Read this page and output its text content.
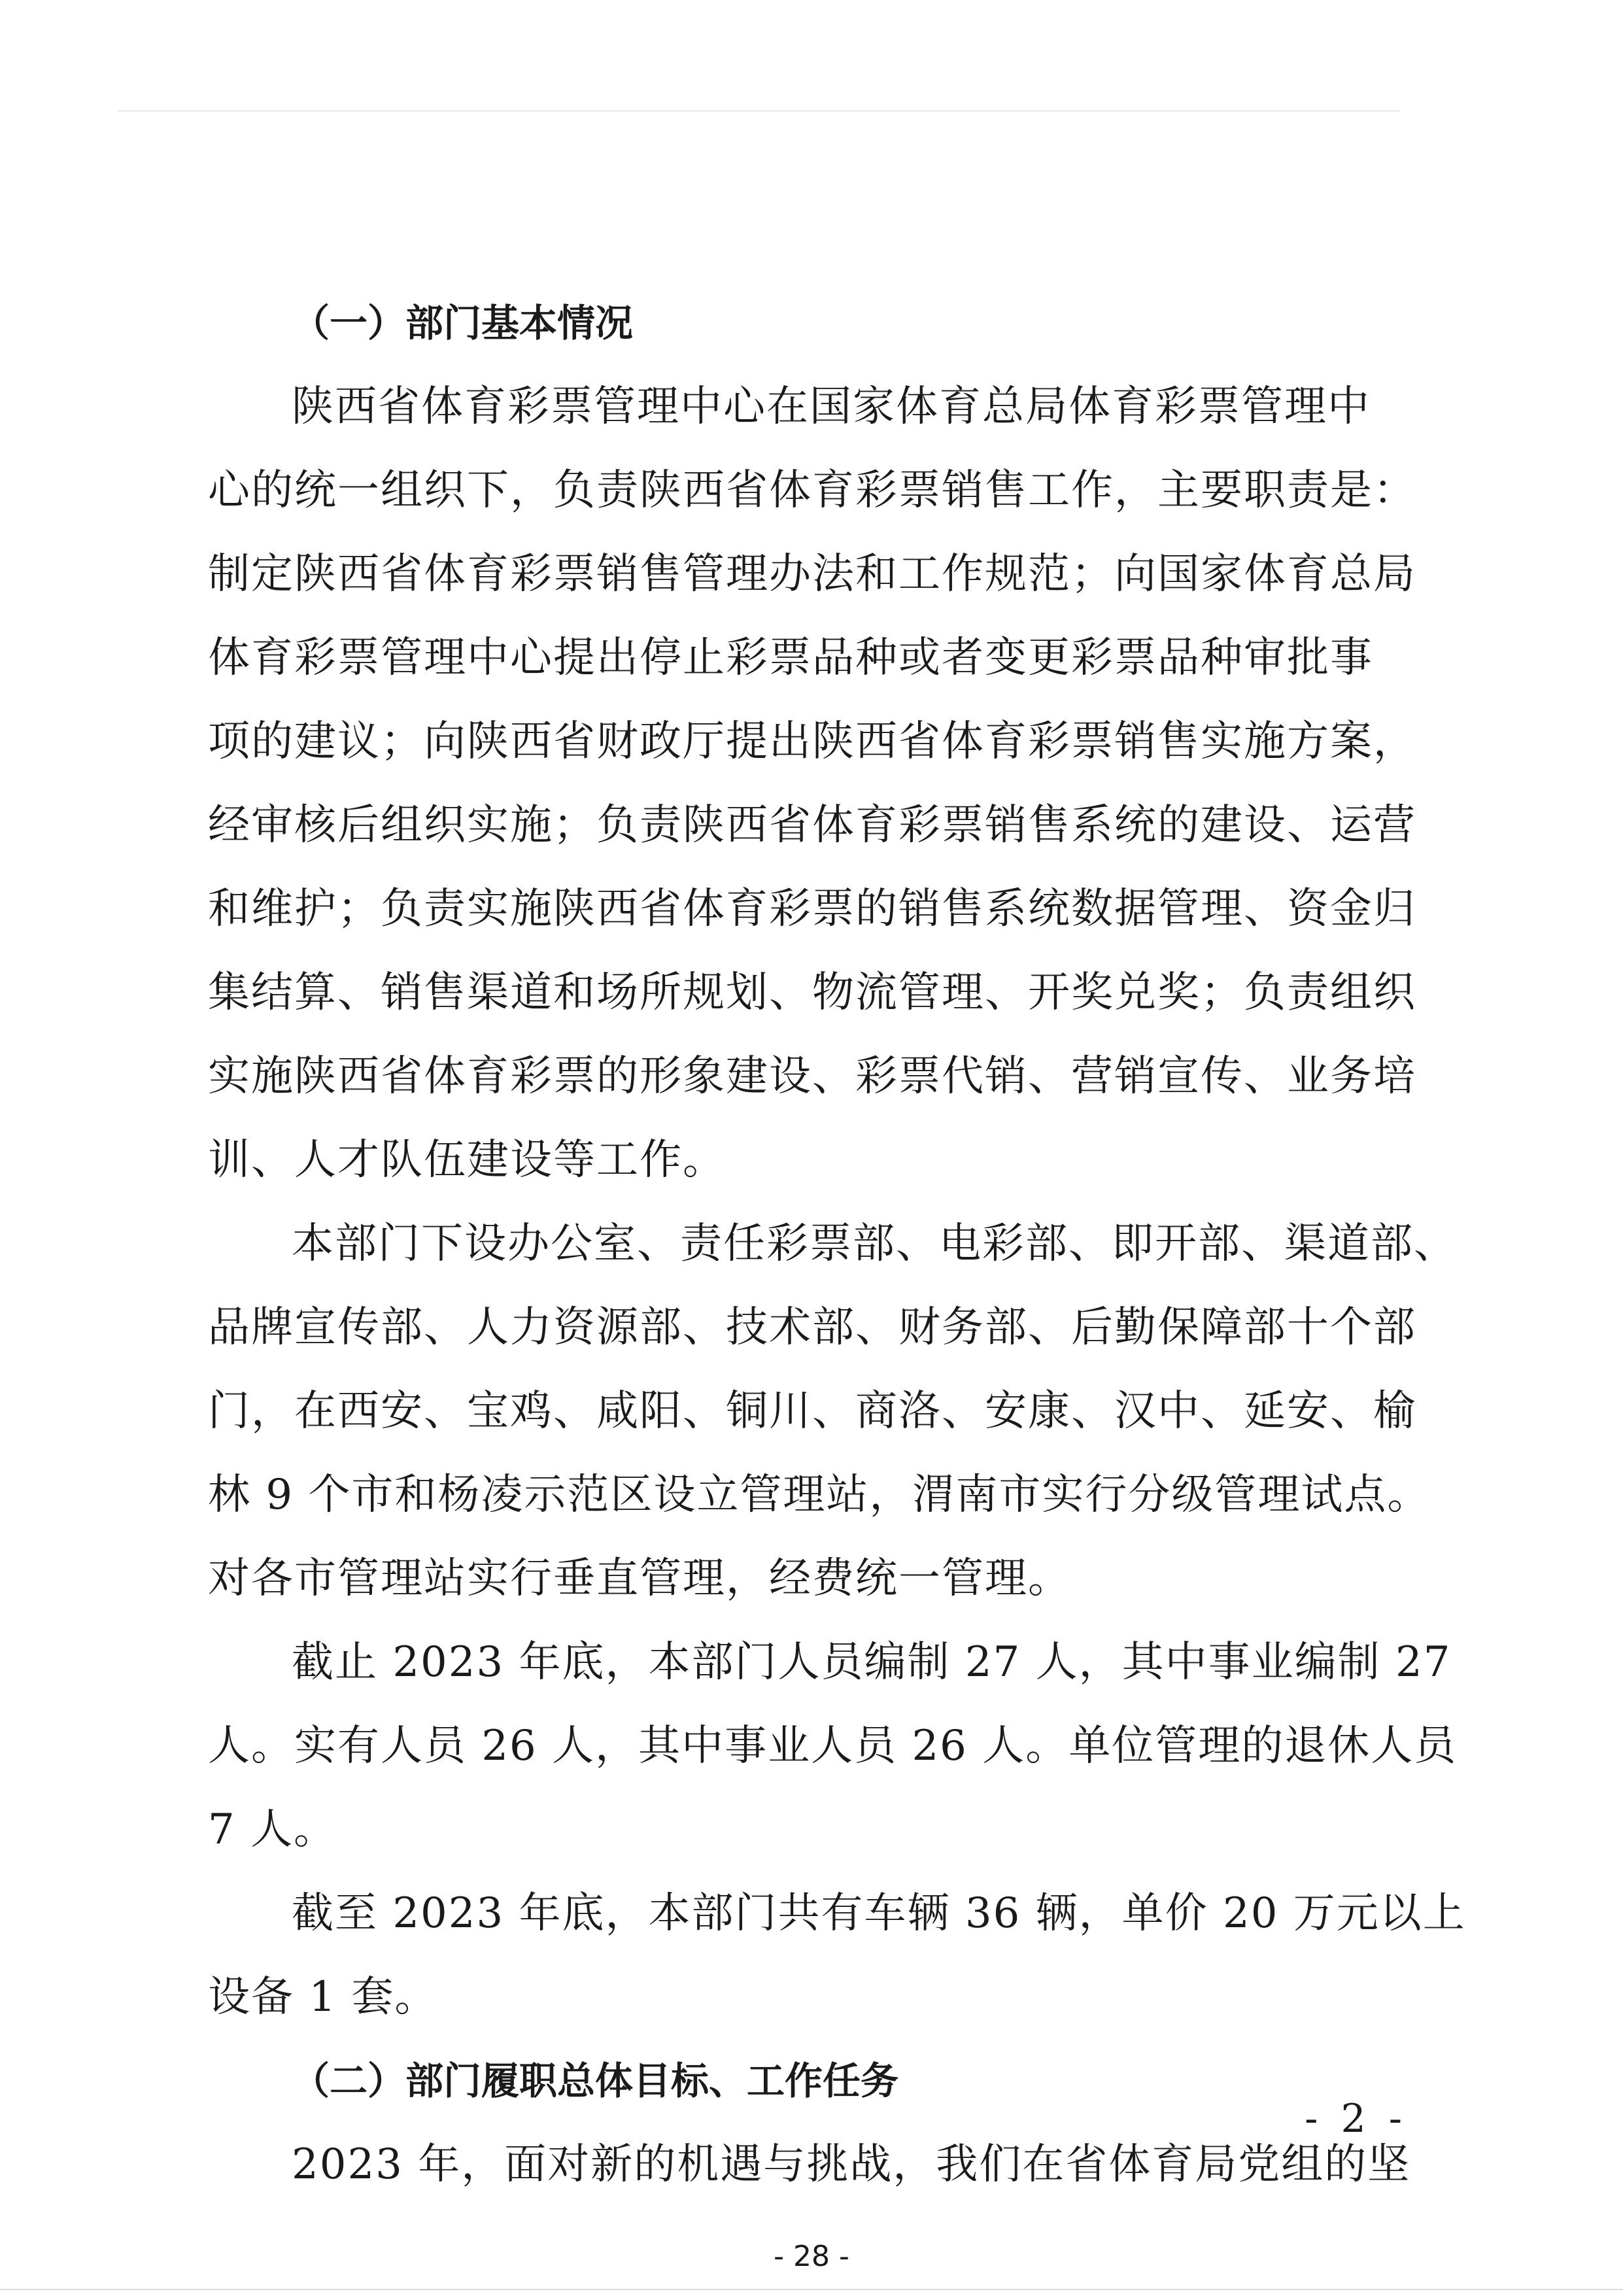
（一）部门基本情况

陕西省体育彩票管理中心在国家体育总局体育彩票管理中
心的统一组织下，负责陕西省体育彩票销售工作，主要职责是：
制定陕西省体育彩票销售管理办法和工作规范；向国家体育总局
体育彩票管理中心提出停止彩票品种或者变更彩票品种审批事
项的建议；向陕西省财政厅提出陕西省体育彩票销售实施方案，
经审核后组织实施；负责陕西省体育彩票销售系统的建设、运营
和维护；负责实施陕西省体育彩票的销售系统数据管理、资金归
集结算、销售渠道和场所规划、物流管理、开奖兑奖；负责组织
实施陕西省体育彩票的形象建设、彩票代销、营销宣传、业务培
训、人才队伍建设等工作。
本部门下设办公室、责任彩票部、电彩部、即开部、渠道部、
品牌宣传部、人力资源部、技术部、财务部、后勤保障部十个部
门，在西安、宝鸡、咸阳、铜川、商洛、安康、汉中、延安、榆
林 9 个市和杨凌示范区设立管理站，渭南市实行分级管理试点。
对各市管理站实行垂直管理，经费统一管理。
截止 2023 年底，本部门人员编制 27 人，其中事业编制 27
人。实有人员 26 人，其中事业人员 26 人。单位管理的退休人员
7 人。
截至 2023 年底，本部门共有车辆 36 辆，单价 20 万元以上
设备 1 套。

（二）部门履职总体目标、工作任务

2023 年，面对新的机遇与挑战，我们在省体育局党组的坚
- 2 -
- 28 -
